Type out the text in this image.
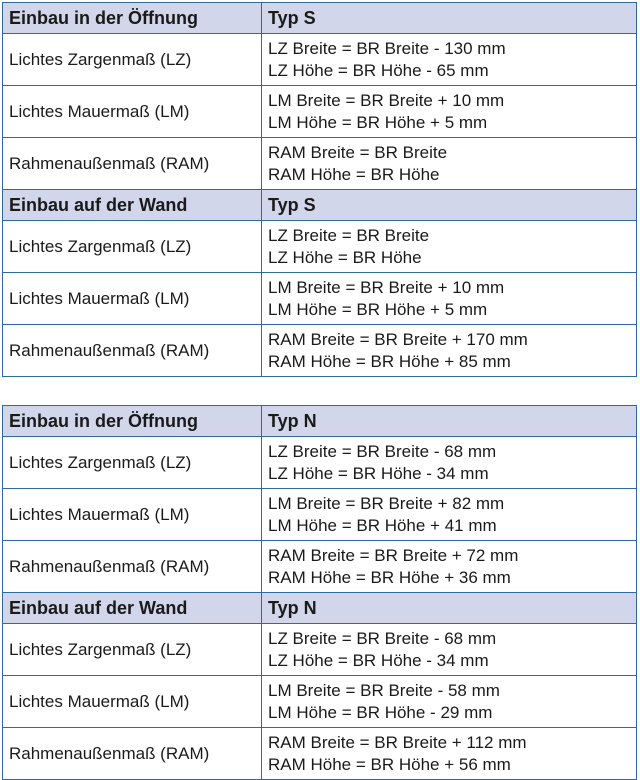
Einbau in der Öffnung	Typ S
Lichtes Zargenmaß (LZ)	LZ Breite = BR Breite - 130 mm
LZ Höhe = BR Höhe - 65 mm

Lichtes Mauermaß (LM)	LM Breite = BR Breite + 10 mm
LM Höhe = BR Höhe + 5 mm

Rahmenaußenmaß (RAM)	RAM Breite = BR Breite
RAM Höhe = BR Höhe

Einbau auf der Wand	Typ S
Lichtes Zargenmaß (LZ)	LZ Breite = BR Breite
LZ Höhe = BR Höhe

Lichtes Mauermaß (LM)	LM Breite = BR Breite + 10 mm
LM Höhe = BR Höhe + 5 mm

Rahmenaußenmaß (RAM)	RAM Breite = BR Breite + 170 mm
RAM Höhe = BR Höhe + 85 mm
Einbau in der Öffnung	Typ N
Lichtes Zargenmaß (LZ)	LZ Breite = BR Breite - 68 mm
LZ Höhe = BR Höhe - 34 mm

Lichtes Mauermaß (LM)	LM Breite = BR Breite + 82 mm
LM Höhe = BR Höhe + 41 mm

Rahmenaußenmaß (RAM)	RAM Breite = BR Breite + 72 mm
RAM Höhe = BR Höhe + 36 mm

Einbau auf der Wand	Typ N
Lichtes Zargenmaß (LZ)	LZ Breite = BR Breite - 68 mm
LZ Höhe = BR Höhe - 34 mm

Lichtes Mauermaß (LM)	LM Breite = BR Breite - 58 mm
LM Höhe = BR Höhe - 29 mm

Rahmenaußenmaß (RAM)	RAM Breite = BR Breite + 112 mm
RAM Höhe = BR Höhe + 56 mm
